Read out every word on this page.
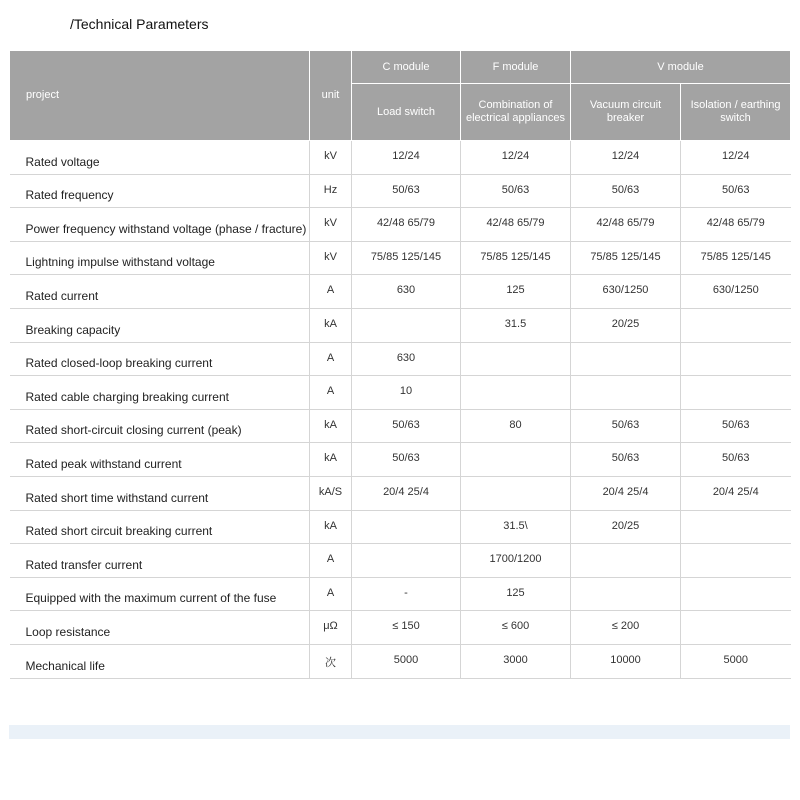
/Technical Parameters
project	unit	C module	F module	V module	
		Load switch	Combination of electrical appliances	Vacuum circuit breaker	Isolation / earthing switch
Rated voltage	kV	12/24	12/24	12/24	12/24
Rated frequency	Hz	50/63	50/63	50/63	50/63
Power frequency withstand voltage (phase / fracture)	kV	42/48 65/79	42/48 65/79	42/48 65/79	42/48 65/79
Lightning impulse withstand voltage	kV	75/85 125/145	75/85 125/145	75/85 125/145	75/85 125/145
Rated current	A	630	125	630/1250	630/1250
Breaking capacity	kA		31.5	20/25	
Rated closed-loop breaking current	A	630			
Rated cable charging breaking current	A	10			
Rated short-circuit closing current (peak)	kA	50/63	80	50/63	50/63
Rated peak withstand current	kA	50/63		50/63	50/63
Rated short time withstand current	kA/S	20/4 25/4		20/4 25/4	20/4 25/4
Rated short circuit breaking current	kA		31.5\	20/25	
Rated transfer current	A		1700/1200		
Equipped with the maximum current of the fuse	A	-	125		
Loop resistance	μΩ	≤ 150	≤ 600	≤ 200	
Mechanical life	次	5000	3000	10000	5000
